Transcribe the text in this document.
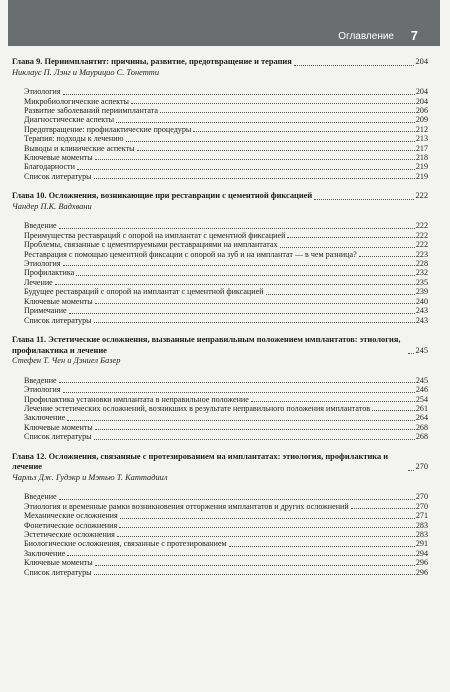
Оглавление 7
Глава 9. Периимплантит: причины, развитие, предотвращение и терапия	204
Никлаус П. Лэнг и Маурицио С. Тонетти
Этиология	204
Микробиологические аспекты	204
Развитие заболеваний периимплантата	206
Диагностические аспекты	209
Предотвращение: профилактические процедуры	212
Терапия: подходы к лечению	213
Выводы и клинические аспекты	217
Ключевые моменты	218
Благодарности	219
Список литературы	219
Глава 10. Осложнения, возникающие при реставрации с цементной фиксацией	222
Чандер П.К. Вадхвани
Введение	222
Преимущества реставраций с опорой на имплантат с цементной фиксацией	222
Проблемы, связанные с цементируемыми реставрациями на имплантатах	222
Реставрация с помощью цементной фиксации с опорой на зуб и на имплантат — в чем разница?	223
Этиология	228
Профилактика	232
Лечение	235
Будущее реставраций с опорой на имплантат с цементной фиксацией	239
Ключевые моменты	240
Примечание	243
Список литературы	243
Глава 11. Эстетические осложнения, вызванные неправильным положением имплантатов: этиология, профилактика и лечение	245
Стефен Т. Чен и Дэниел Базер
Введение	245
Этиология	246
Профилактика установки имплантата в неправильное положение	254
Лечение эстетических осложнений, возникших в результате неправильного положения имплантатов	261
Заключение	264
Ключевые моменты	268
Список литературы	268
Глава 12. Осложнения, связанные с протезированием на имплантатах: этиология, профилактика и лечение	270
Чарльз Дж. Гудэкр и Мэтью Т. Каттадиил
Введение	270
Этиология и временные рамки возникновения отторжения имплантатов и других осложнений	270
Механические осложнения	271
Фонетические осложнения	283
Эстетические осложнения	283
Биологические осложнения, связанные с протезированием	291
Заключение	294
Ключевые моменты	296
Список литературы	296
